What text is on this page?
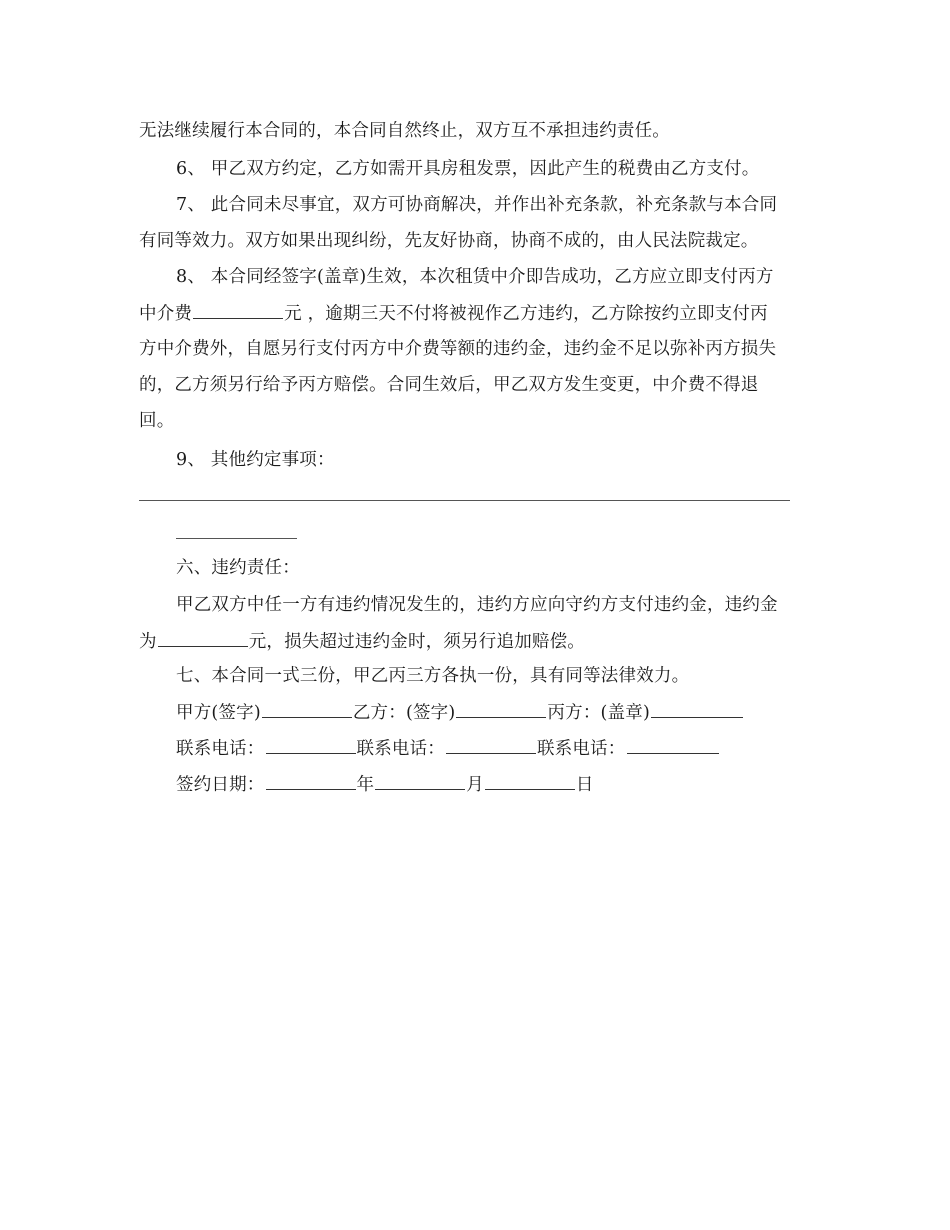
无法继续履行本合同的，本合同自然终止，双方互不承担违约责任。
6、 甲乙双方约定，乙方如需开具房租发票，因此产生的税费由乙方支付。
7、 此合同未尽事宜，双方可协商解决，并作出补充条款，补充条款与本合同
有同等效力。双方如果出现纠纷，先友好协商，协商不成的，由人民法院裁定。
8、 本合同经签字(盖章)生效，本次租赁中介即告成功，乙方应立即支付丙方
中介费	元 ，逾期三天不付将被视作乙方违约，乙方除按约立即支付丙
方中介费外，自愿另行支付丙方中介费等额的违约金，违约金不足以弥补丙方损失
的，乙方须另行给予丙方赔偿。合同生效后，甲乙双方发生变更，中介费不得退
回。
9、 其他约定事项：
六、违约责任：
甲乙双方中任一方有违约情况发生的，违约方应向守约方支付违约金，违约金
为	元，损失超过违约金时，须另行追加赔偿。
七、本合同一式三份，甲乙丙三方各执一份，具有同等法律效力。
甲方(签字)	乙方：(签字)	丙方：(盖章)
联系电话：	联系电话：	联系电话：
签约日期：	年	月	日
